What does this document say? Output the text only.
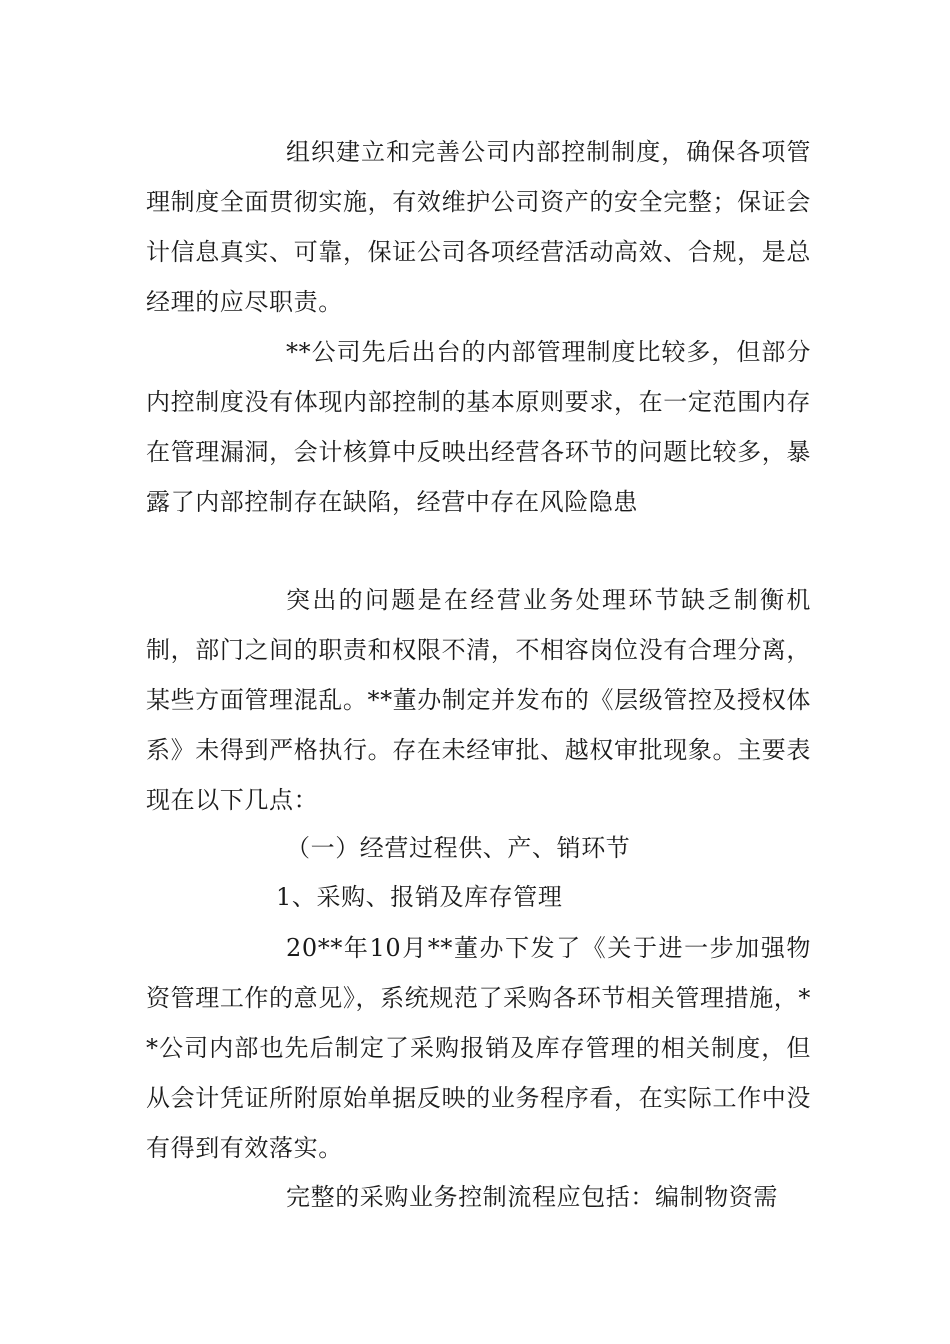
组织建立和完善公司内部控制制度，确保各项管理制度全面贯彻实施，有效维护公司资产的安全完整；保证会计信息真实、可靠，保证公司各项经营活动高效、合规，是总经理的应尽职责。

**公司先后出台的内部管理制度比较多，但部分内控制度没有体现内部控制的基本原则要求，在一定范围内存在管理漏洞，会计核算中反映出经营各环节的问题比较多，暴露了内部控制存在缺陷，经营中存在风险隐患

突出的问题是在经营业务处理环节缺乏制衡机制，部门之间的职责和权限不清，不相容岗位没有合理分离，某些方面管理混乱。**董办制定并发布的《层级管控及授权体系》未得到严格执行。存在未经审批、越权审批现象。主要表现在以下几点：

（一）经营过程供、产、销环节

1、采购、报销及库存管理

20**年10月**董办下发了《关于进一步加强物资管理工作的意见》，系统规范了采购各环节相关管理措施，**公司内部也先后制定了采购报销及库存管理的相关制度，但从会计凭证所附原始单据反映的业务程序看，在实际工作中没有得到有效落实。

完整的采购业务控制流程应包括：编制物资需
